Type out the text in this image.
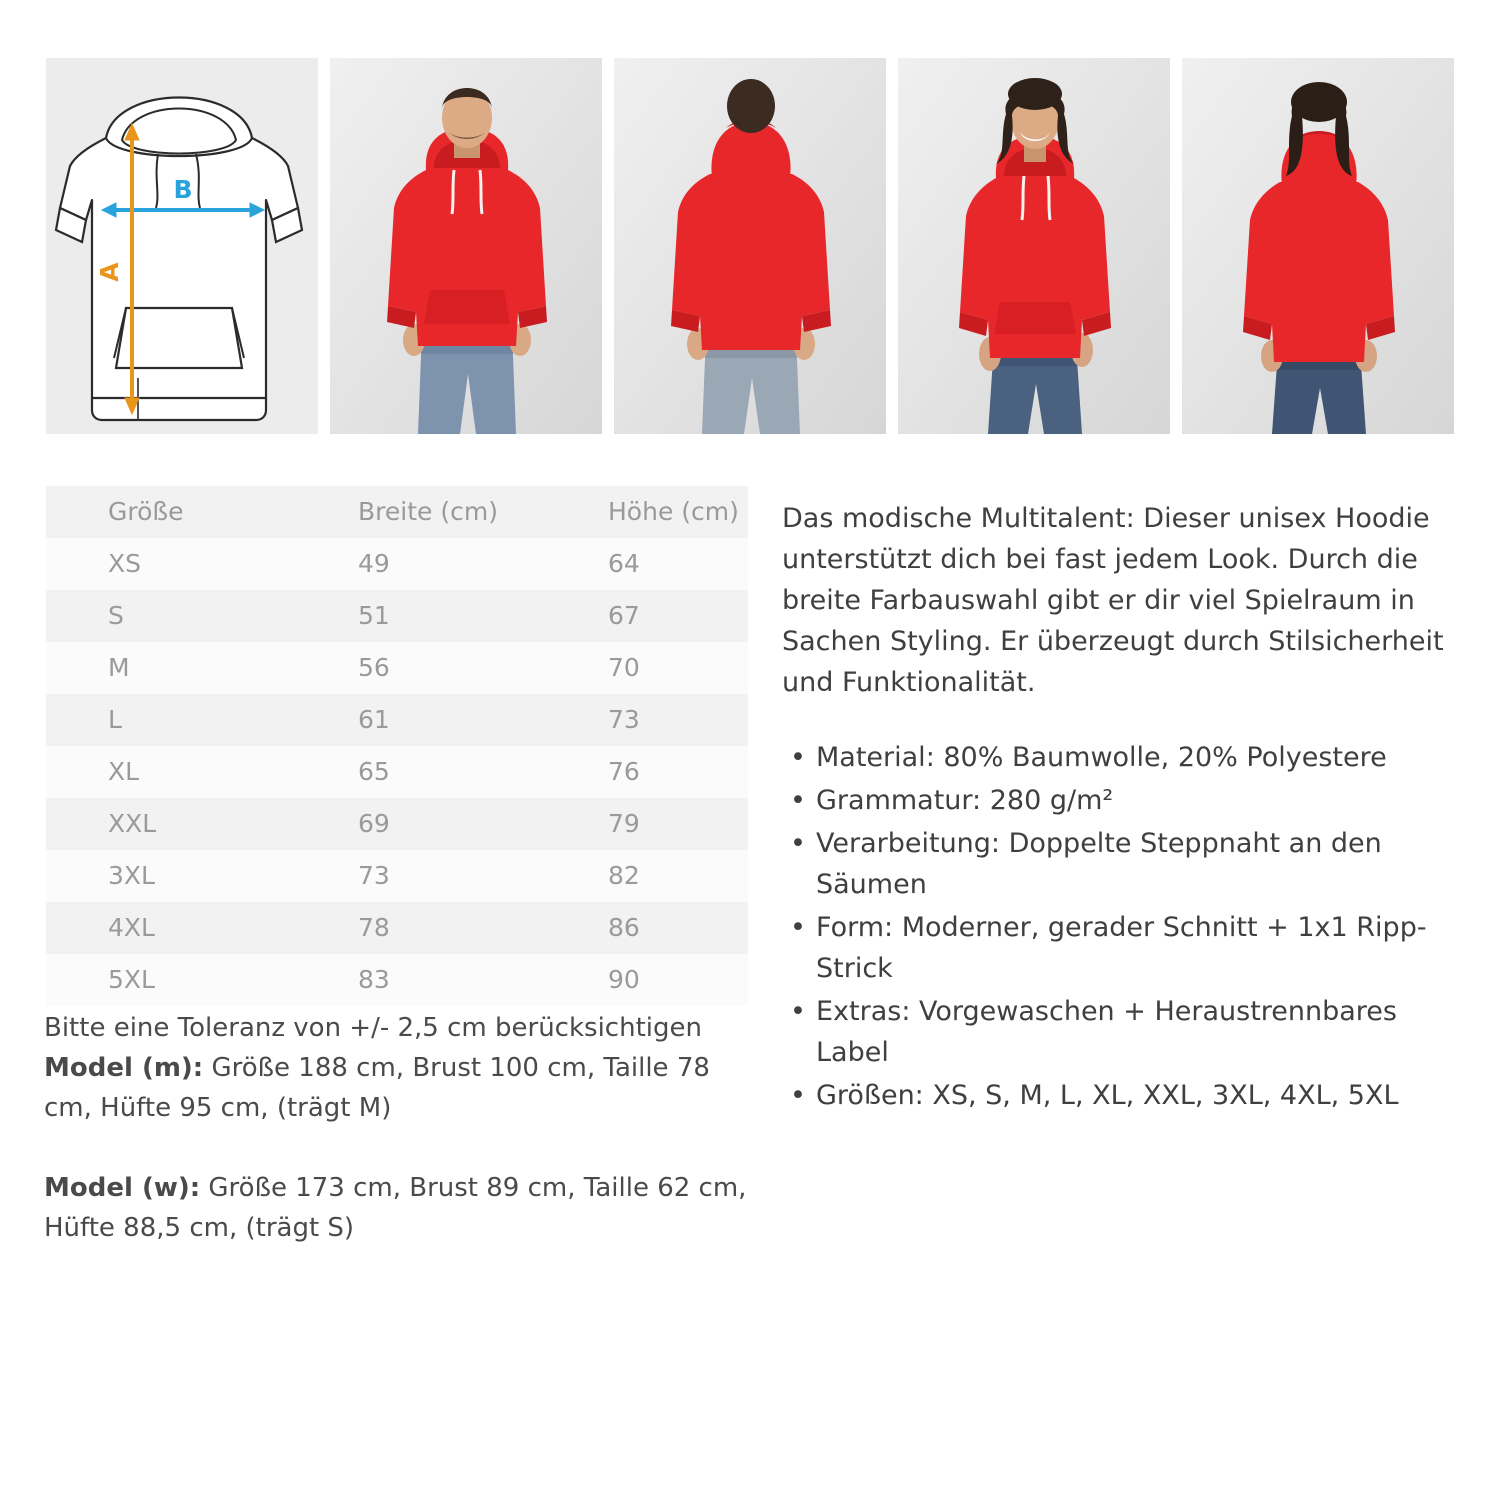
B
A
Größe	Breite (cm)	Höhe (cm)
XS	49	64
S	51	67
M	56	70
L	61	73
XL	65	76
XXL	69	79
3XL	73	82
4XL	78	86
5XL	83	90

Bitte eine Toleranz von +/- 2,5 cm berücksichtigen

Model (m): Größe 188 cm, Brust 100 cm, Taille 78 cm, Hüfte 95 cm, (trägt M)

Model (w): Größe 173 cm, Brust 89 cm, Taille 62 cm, Hüfte 88,5 cm, (trägt S)

Das modische Multitalent: Dieser unisex Hoodie unterstützt dich bei fast jedem Look. Durch die breite Farbauswahl gibt er dir viel Spielraum in Sachen Styling. Er überzeugt durch Stilsicherheit und Funktionalität.

• Material: 80% Baumwolle, 20% Polyestere
• Grammatur: 280 g/m²
• Verarbeitung: Doppelte Steppnaht an den Säumen
• Form: Moderner, gerader Schnitt + 1x1 Ripp-Strick
• Extras: Vorgewaschen + Heraustrennbares Label
• Größen: XS, S, M, L, XL, XXL, 3XL, 4XL, 5XL
